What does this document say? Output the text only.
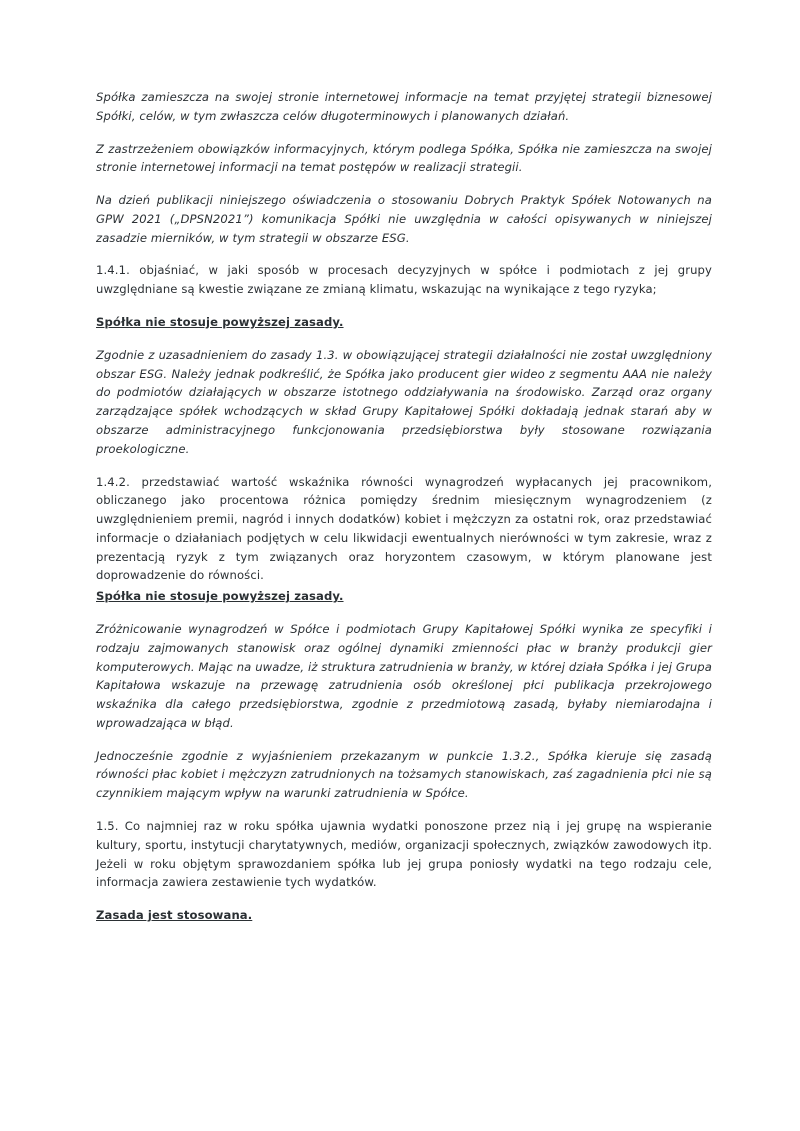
Spółka zamieszcza na swojej stronie internetowej informacje na temat przyjętej strategii biznesowej Spółki, celów, w tym zwłaszcza celów długoterminowych i planowanych działań.

Z zastrzeżeniem obowiązków informacyjnych, którym podlega Spółka, Spółka nie zamieszcza na swojej stronie internetowej informacji na temat postępów w realizacji strategii.

Na dzień publikacji niniejszego oświadczenia o stosowaniu Dobrych Praktyk Spółek Notowanych na GPW 2021 („DPSN2021”) komunikacja Spółki nie uwzględnia w całości opisywanych w niniejszej zasadzie mierników, w tym strategii w obszarze ESG.

1.4.1. objaśniać, w jaki sposób w procesach decyzyjnych w spółce i podmiotach z jej grupy uwzględniane są kwestie związane ze zmianą klimatu, wskazując na wynikające z tego ryzyka;

Spółka nie stosuje powyższej zasady.

Zgodnie z uzasadnieniem do zasady 1.3. w obowiązującej strategii działalności nie został uwzględniony obszar ESG. Należy jednak podkreślić, że Spółka jako producent gier wideo z segmentu AAA nie należy do podmiotów działających w obszarze istotnego oddziaływania na środowisko. Zarząd oraz organy zarządzające spółek wchodzących w skład Grupy Kapitałowej Spółki dokładają jednak starań aby w obszarze administracyjnego funkcjonowania przedsiębiorstwa były stosowane rozwiązania proekologiczne.

1.4.2. przedstawiać wartość wskaźnika równości wynagrodzeń wypłacanych jej pracownikom, obliczanego jako procentowa różnica pomiędzy średnim miesięcznym wynagrodzeniem (z uwzględnieniem premii, nagród i innych dodatków) kobiet i mężczyzn za ostatni rok, oraz przedstawiać informacje o działaniach podjętych w celu likwidacji ewentualnych nierówności w tym zakresie, wraz z prezentacją ryzyk z tym związanych oraz horyzontem czasowym, w którym planowane jest doprowadzenie do równości.

Spółka nie stosuje powyższej zasady.

Zróżnicowanie wynagrodzeń w Spółce i podmiotach Grupy Kapitałowej Spółki wynika ze specyfiki i rodzaju zajmowanych stanowisk oraz ogólnej dynamiki zmienności płac w branży produkcji gier komputerowych. Mając na uwadze, iż struktura zatrudnienia w branży, w której działa Spółka i jej Grupa Kapitałowa wskazuje na przewagę zatrudnienia osób określonej płci publikacja przekrojowego wskaźnika dla całego przedsiębiorstwa, zgodnie z przedmiotową zasadą, byłaby niemiarodajna i wprowadzająca w błąd.

Jednocześnie zgodnie z wyjaśnieniem przekazanym w punkcie 1.3.2., Spółka kieruje się zasadą równości płac kobiet i mężczyzn zatrudnionych na tożsamych stanowiskach, zaś zagadnienia płci nie są czynnikiem mającym wpływ na warunki zatrudnienia w Spółce.

1.5. Co najmniej raz w roku spółka ujawnia wydatki ponoszone przez nią i jej grupę na wspieranie kultury, sportu, instytucji charytatywnych, mediów, organizacji społecznych, związków zawodowych itp. Jeżeli w roku objętym sprawozdaniem spółka lub jej grupa poniosły wydatki na tego rodzaju cele, informacja zawiera zestawienie tych wydatków.

Zasada jest stosowana.
